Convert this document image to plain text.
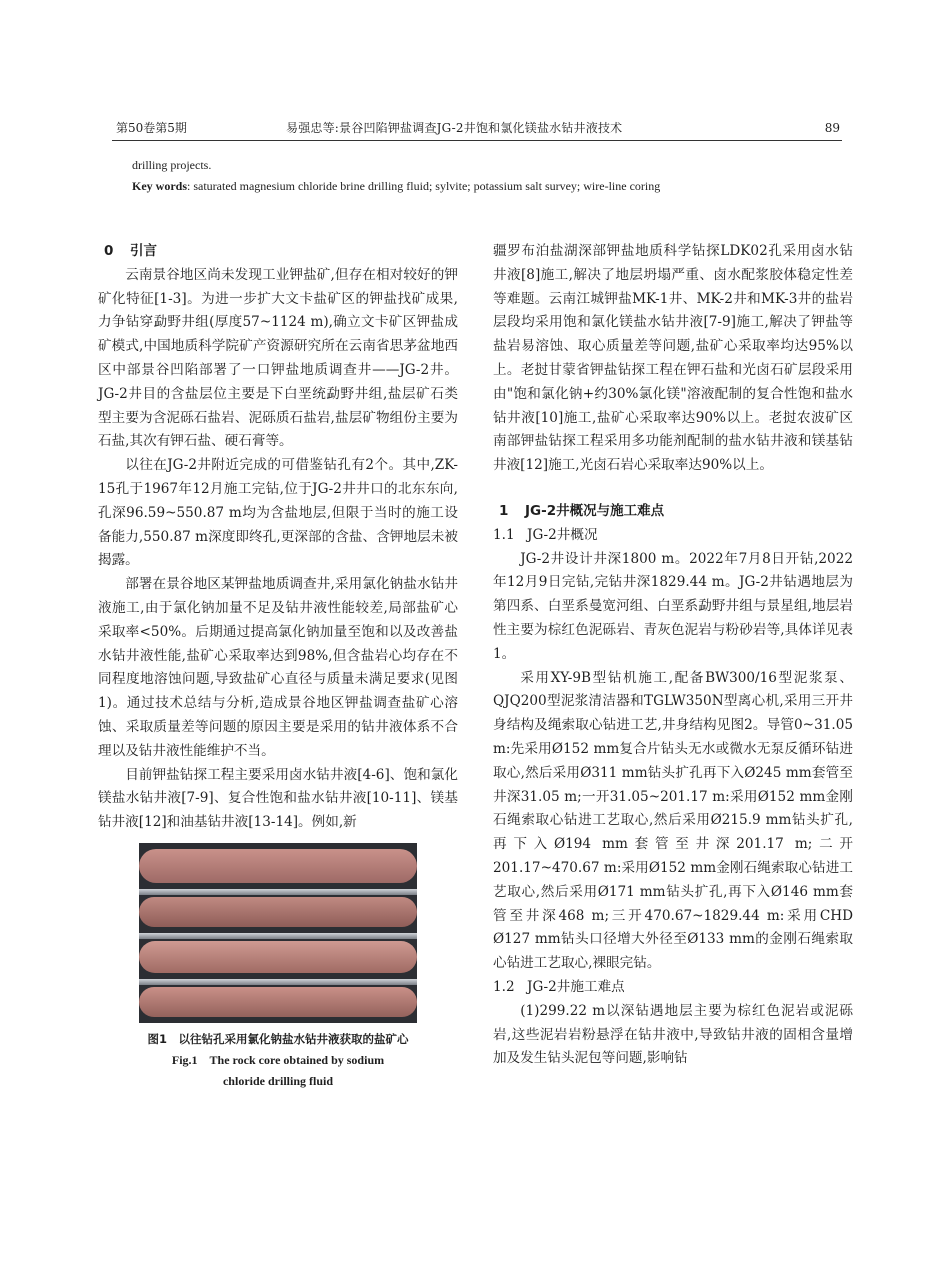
第50卷第5期	易强忠等:景谷凹陷钾盐调查JG-2井饱和氯化镁盐水钻井液技术	89
drilling projects.
Key words: saturated magnesium chloride brine drilling fluid; sylvite; potassium salt survey; wire-line coring
0 引言

云南景谷地区尚未发现工业钾盐矿,但存在相对较好的钾矿化特征[1-3]。为进一步扩大文卡盐矿区的钾盐找矿成果,力争钻穿勐野井组(厚度57~1124 m),确立文卡矿区钾盐成矿模式,中国地质科学院矿产资源研究所在云南省思茅盆地西区中部景谷凹陷部署了一口钾盐地质调查井——JG-2井。JG-2井目的含盐层位主要是下白垩统勐野井组,盐层矿石类型主要为含泥砾石盐岩、泥砾质石盐岩,盐层矿物组份主要为石盐,其次有钾石盐、硬石膏等。

以往在JG-2井附近完成的可借鉴钻孔有2个。其中,ZK-15孔于1967年12月施工完钻,位于JG-2井井口的北东东向,孔深96.59~550.87 m均为含盐地层,但限于当时的施工设备能力,550.87 m深度即终孔,更深部的含盐、含钾地层未被揭露。

部署在景谷地区某钾盐地质调查井,采用氯化钠盐水钻井液施工,由于氯化钠加量不足及钻井液性能较差,局部盐矿心采取率<50%。后期通过提高氯化钠加量至饱和以及改善盐水钻井液性能,盐矿心采取率达到98%,但含盐岩心均存在不同程度地溶蚀问题,导致盐矿心直径与质量未满足要求(见图1)。通过技术总结与分析,造成景谷地区钾盐调查盐矿心溶蚀、采取质量差等问题的原因主要是采用的钻井液体系不合理以及钻井液性能维护不当。

目前钾盐钻探工程主要采用卤水钻井液[4-6]、饱和氯化镁盐水钻井液[7-9]、复合性饱和盐水钻井液[10-11]、镁基钻井液[12]和油基钻井液[13-14]。例如,新

图1　以往钻孔采用氯化钠盐水钻井液获取的盐矿心
Fig.1　The rock core obtained by sodium
chloride drilling fluid

疆罗布泊盐湖深部钾盐地质科学钻探LDK02孔采用卤水钻井液[8]施工,解决了地层坍塌严重、卤水配浆胶体稳定性差等难题。云南江城钾盐MK-1井、MK-2井和MK-3井的盐岩层段均采用饱和氯化镁盐水钻井液[7-9]施工,解决了钾盐等盐岩易溶蚀、取心质量差等问题,盐矿心采取率均达95%以上。老挝甘蒙省钾盐钻探工程在钾石盐和光卤石矿层段采用由"饱和氯化钠+约30%氯化镁"溶液配制的复合性饱和盐水钻井液[10]施工,盐矿心采取率达90%以上。老挝农波矿区南部钾盐钻探工程采用多功能剂配制的盐水钻井液和镁基钻井液[12]施工,光卤石岩心采取率达90%以上。

1 JG-2井概况与施工难点
1.1 JG-2井概况

JG-2井设计井深1800 m。2022年7月8日开钻,2022年12月9日完钻,完钻井深1829.44 m。JG-2井钻遇地层为第四系、白垩系曼宽河组、白垩系勐野井组与景星组,地层岩性主要为棕红色泥砾岩、青灰色泥岩与粉砂岩等,具体详见表1。

采用XY-9B型钻机施工,配备BW300/16型泥浆泵、QJQ200型泥浆清洁器和TGLW350N型离心机,采用三开井身结构及绳索取心钻进工艺,井身结构见图2。导管0~31.05 m:先采用Ø152 mm复合片钻头无水或微水无泵反循环钻进取心,然后采用Ø311 mm钻头扩孔再下入Ø245 mm套管至井深31.05 m;一开31.05~201.17 m:采用Ø152 mm金刚石绳索取心钻进工艺取心,然后采用Ø215.9 mm钻头扩孔,再下入Ø194 mm套管至井深201.17 m;二开201.17~470.67 m:采用Ø152 mm金刚石绳索取心钻进工艺取心,然后采用Ø171 mm钻头扩孔,再下入Ø146 mm套管至井深468 m;三开470.67~1829.44 m:采用CHD Ø127 mm钻头口径增大外径至Ø133 mm的金刚石绳索取心钻进工艺取心,裸眼完钻。

1.2 JG-2井施工难点

(1)299.22 m以深钻遇地层主要为棕红色泥岩或泥砾岩,这些泥岩岩粉悬浮在钻井液中,导致钻井液的固相含量增加及发生钻头泥包等问题,影响钻
